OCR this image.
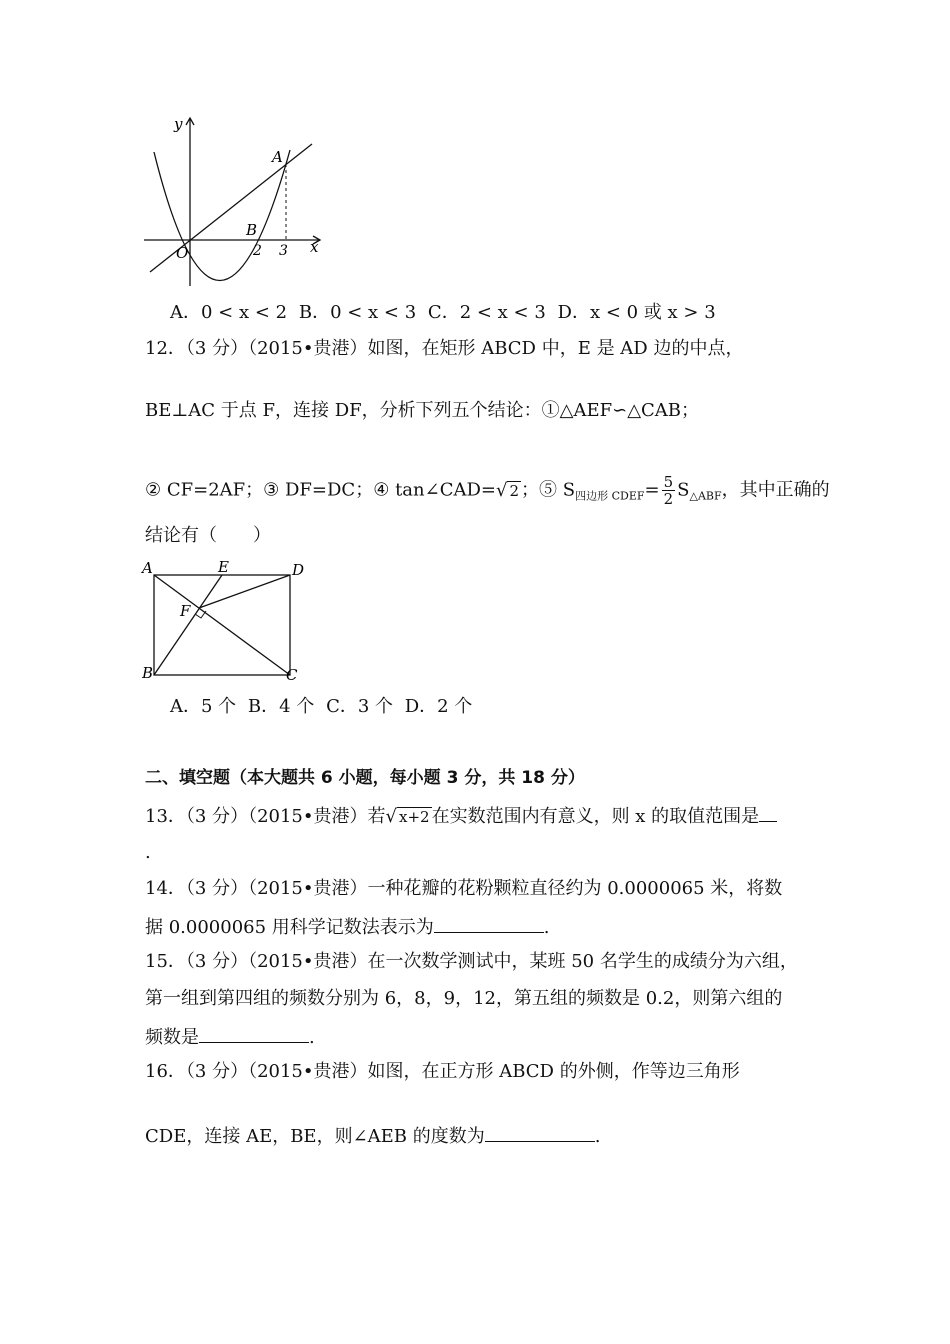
y
x
O
A
B
2 3
A．0 < x < 2 B．0 < x < 3 C．2 < x < 3 D．x < 0 或 x > 3
12．（3 分）（2015•贵港）如图，在矩形 ABCD 中，E 是 AD 边的中点，
BE⊥AC 于点 F，连接 DF，分析下列五个结论：①△AEF∽△CAB；
② CF=2AF；③ DF=DC；④ tan∠CAD=√ 2 ；⑤ $S_{四边形 CDEF}= \frac{5}{2} S_{\triangle ABF}$，其中正确的
结论有（　　）
A	E	D
F
B	C
A．5 个 B．4 个 C．3 个 D．2 个
二、填空题（本大题共 6 小题，每小题 3 分，共 18 分）
13．（3 分）（2015•贵港）若√ x+2 在实数范围内有意义，则 x 的取值范围是
.
14．（3 分）（2015•贵港）一种花瓣的花粉颗粒直径约为 0.0000065 米，将数
据 0.0000065 用科学记数法表示为	.
15．（3 分）（2015•贵港）在一次数学测试中，某班 50 名学生的成绩分为六组，
第一组到第四组的频数分别为 6，8，9，12，第五组的频数是 0.2，则第六组的
频数是	.
16．（3 分）（2015•贵港）如图，在正方形 ABCD 的外侧，作等边三角形
CDE，连接 AE，BE，则∠AEB 的度数为	.
